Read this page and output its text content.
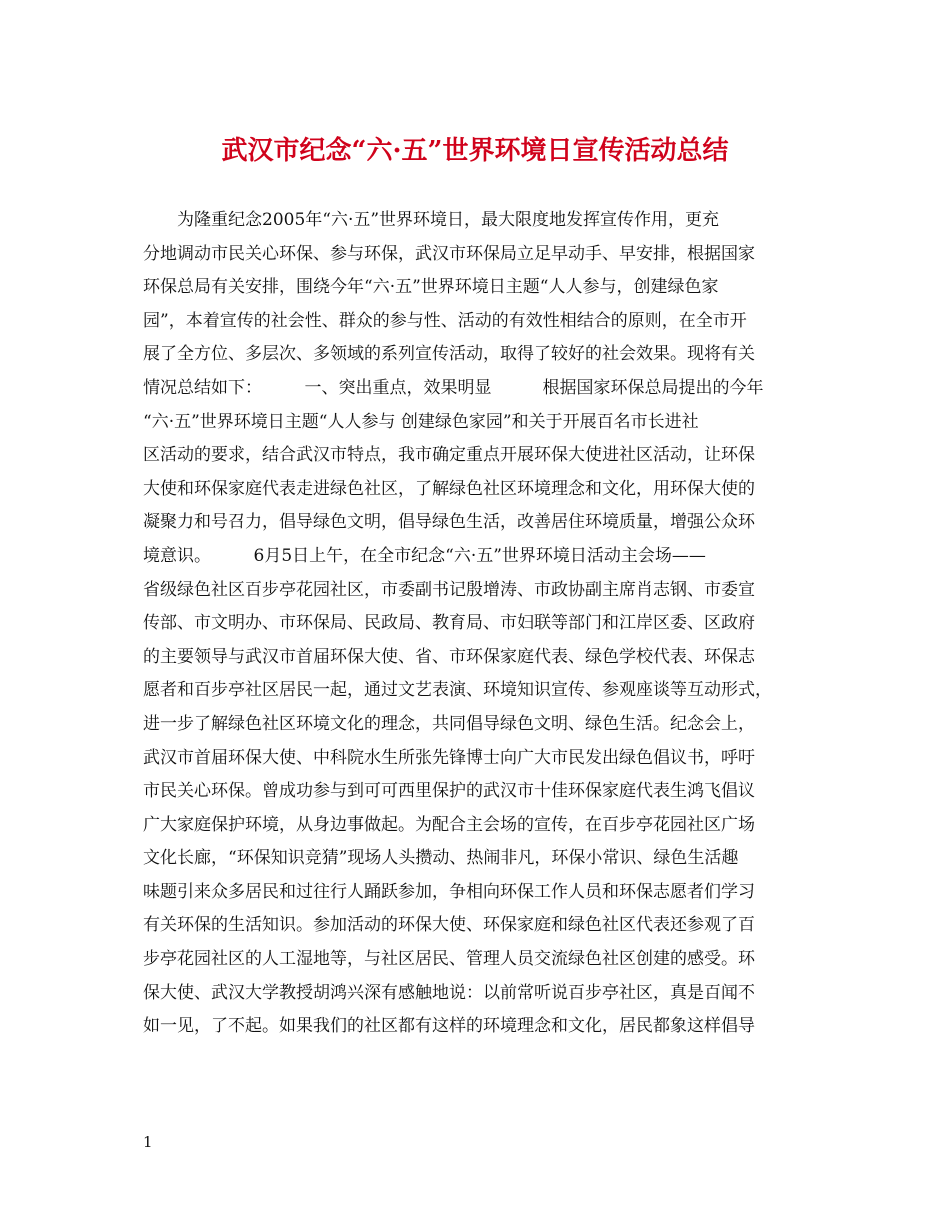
武汉市纪念“六·五”世界环境日宣传活动总结
　　为隆重纪念2005年“六·五”世界环境日，最大限度地发挥宣传作用，更充
分地调动市民关心环保、参与环保，武汉市环保局立足早动手、早安排，根据国家
环保总局有关安排，围绕今年“六·五”世界环境日主题“人人参与，创建绿色家
园”，本着宣传的社会性、群众的参与性、活动的有效性相结合的原则，在全市开
展了全方位、多层次、多领域的系列宣传活动，取得了较好的社会效果。现将有关
情况总结如下：　　　一、突出重点，效果明显　　　根据国家环保总局提出的今年
“六·五”世界环境日主题“人人参与 创建绿色家园”和关于开展百名市长进社
区活动的要求，结合武汉市特点，我市确定重点开展环保大使进社区活动，让环保
大使和环保家庭代表走进绿色社区，了解绿色社区环境理念和文化，用环保大使的
凝聚力和号召力，倡导绿色文明，倡导绿色生活，改善居住环境质量，增强公众环
境意识。　　　6月5日上午，在全市纪念“六·五”世界环境日活动主会场——
省级绿色社区百步亭花园社区，市委副书记殷增涛、市政协副主席肖志钢、市委宣
传部、市文明办、市环保局、民政局、教育局、市妇联等部门和江岸区委、区政府
的主要领导与武汉市首届环保大使、省、市环保家庭代表、绿色学校代表、环保志
愿者和百步亭社区居民一起，通过文艺表演、环境知识宣传、参观座谈等互动形式，
进一步了解绿色社区环境文化的理念，共同倡导绿色文明、绿色生活。纪念会上，
武汉市首届环保大使、中科院水生所张先锋博士向广大市民发出绿色倡议书，呼吁
市民关心环保。曾成功参与到可可西里保护的武汉市十佳环保家庭代表生鸿飞倡议
广大家庭保护环境，从身边事做起。为配合主会场的宣传，在百步亭花园社区广场
文化长廊，“环保知识竞猜”现场人头攒动、热闹非凡，环保小常识、绿色生活趣
味题引来众多居民和过往行人踊跃参加，争相向环保工作人员和环保志愿者们学习
有关环保的生活知识。参加活动的环保大使、环保家庭和绿色社区代表还参观了百
步亭花园社区的人工湿地等，与社区居民、管理人员交流绿色社区创建的感受。环
保大使、武汉大学教授胡鸿兴深有感触地说：以前常听说百步亭社区，真是百闻不
如一见，了不起。如果我们的社区都有这样的环境理念和文化，居民都象这样倡导
1
